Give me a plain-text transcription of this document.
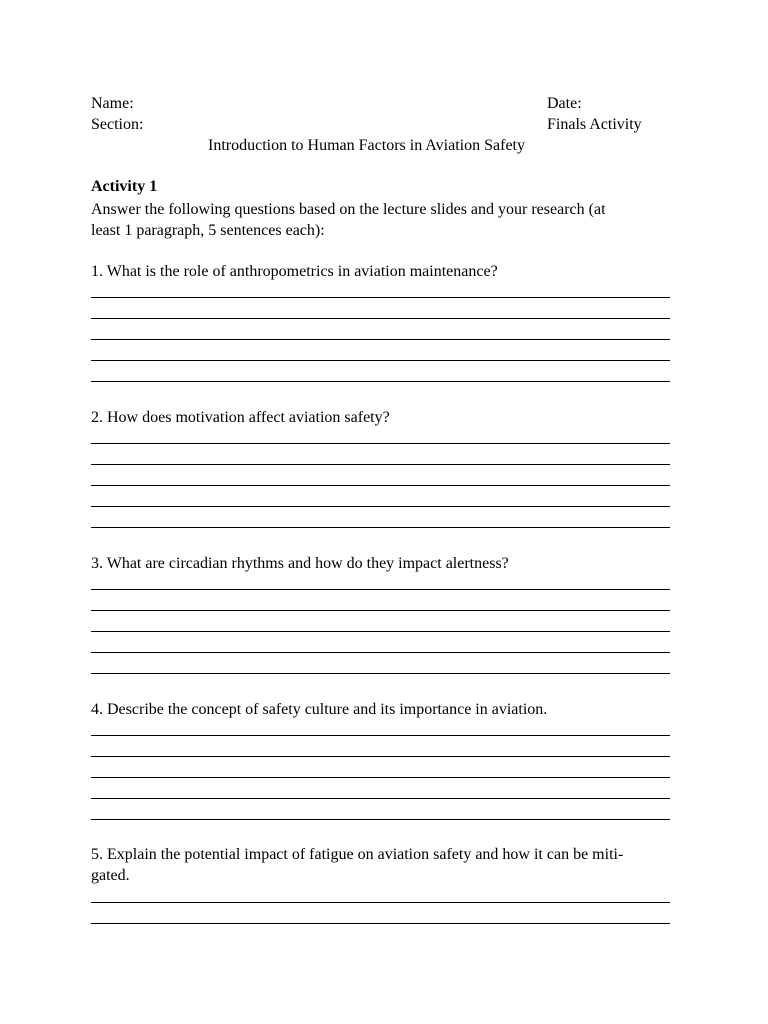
Name:	Date:
Section:	Finals Activity
Introduction to Human Factors in Aviation Safety
Activity 1
Answer the following questions based on the lecture slides and your research (at
least 1 paragraph, 5 sentences each):
1. What is the role of anthropometrics in aviation maintenance?
2. How does motivation affect aviation safety?
3. What are circadian rhythms and how do they impact alertness?
4. Describe the concept of safety culture and its importance in aviation.
5. Explain the potential impact of fatigue on aviation safety and how it can be miti-
gated.
